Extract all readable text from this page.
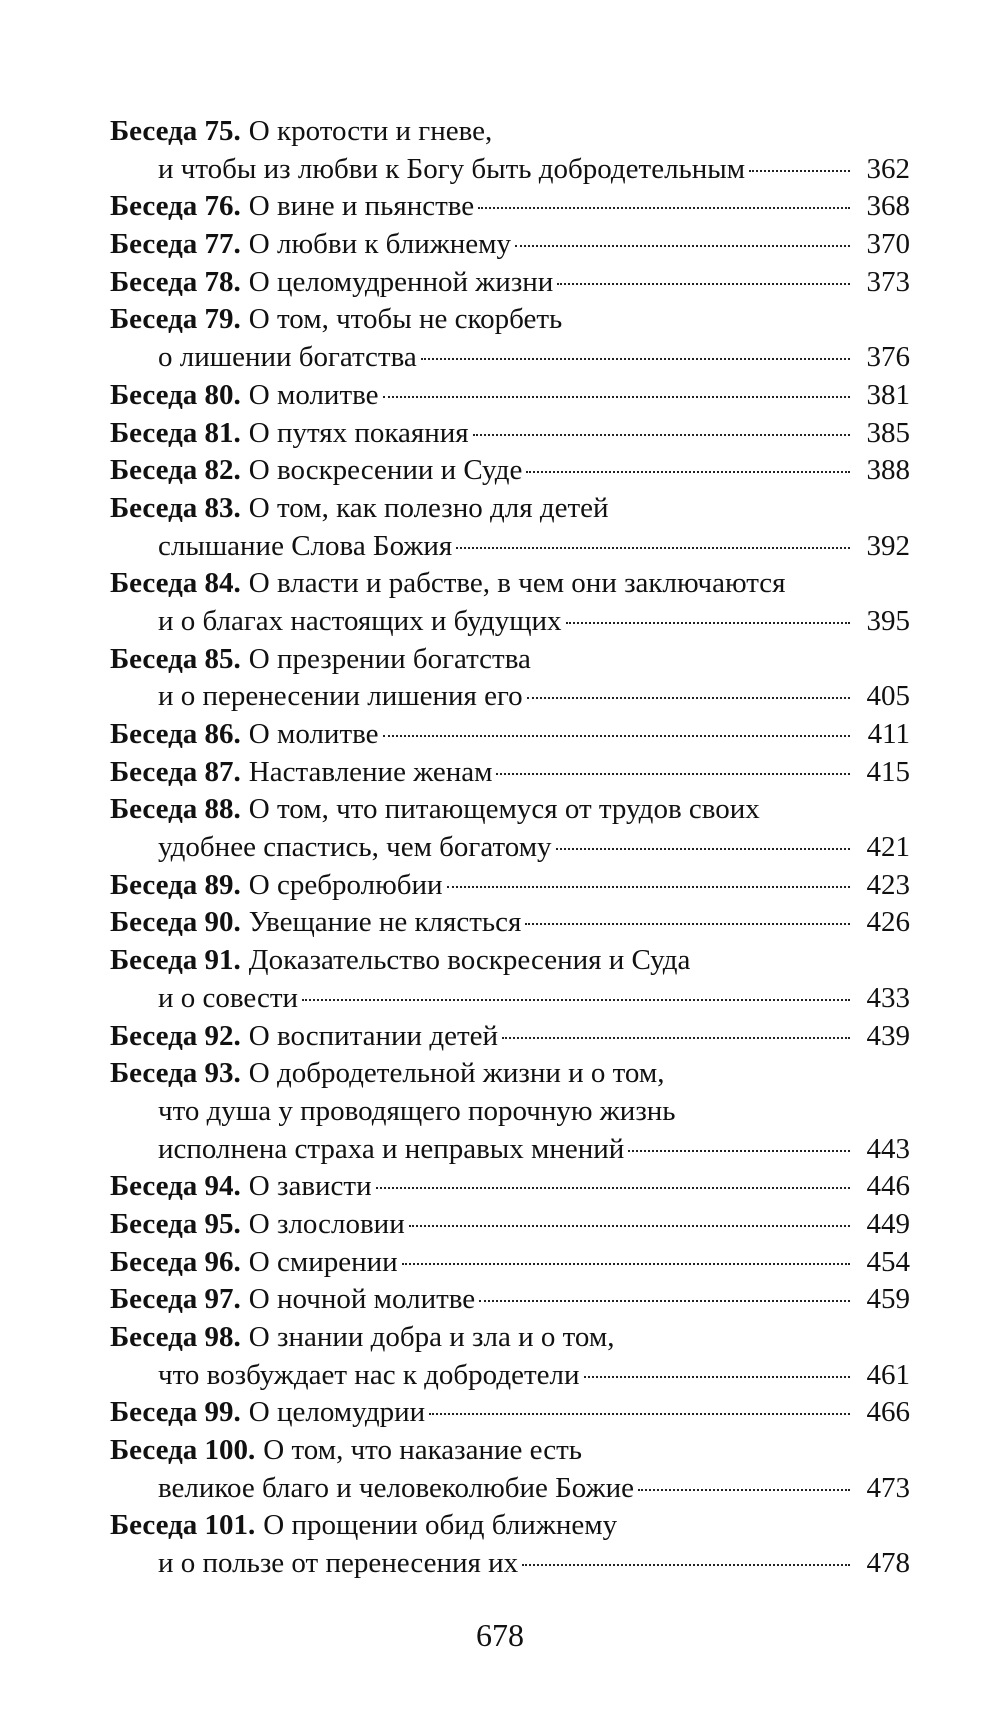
Беседа 75. О кротости и гневе,
и чтобы из любви к Богу быть добродетельным	362
Беседа 76. О вине и пьянстве	368
Беседа 77. О любви к ближнему	370
Беседа 78. О целомудренной жизни	373
Беседа 79. О том, чтобы не скорбеть
о лишении богатства	376
Беседа 80. О молитве	381
Беседа 81. О путях покаяния	385
Беседа 82. О воскресении и Суде	388
Беседа 83. О том, как полезно для детей
слышание Слова Божия	392
Беседа 84. О власти и рабстве, в чем они заключаются
и о благах настоящих и будущих	395
Беседа 85. О презрении богатства
и о перенесении лишения его	405
Беседа 86. О молитве	411
Беседа 87. Наставление женам	415
Беседа 88. О том, что питающемуся от трудов своих
удобнее спастись, чем богатому	421
Беседа 89. О сребролюбии	423
Беседа 90. Увещание не клясться	426
Беседа 91. Доказательство воскресения и Суда
и о совести	433
Беседа 92. О воспитании детей	439
Беседа 93. О добродетельной жизни и о том,
что душа у проводящего порочную жизнь
исполнена страха и неправых мнений	443
Беседа 94. О зависти	446
Беседа 95. О злословии	449
Беседа 96. О смирении	454
Беседа 97. О ночной молитве	459
Беседа 98. О знании добра и зла и о том,
что возбуждает нас к добродетели	461
Беседа 99. О целомудрии	466
Беседа 100. О том, что наказание есть
великое благо и человеколюбие Божие	473
Беседа 101. О прощении обид ближнему
и о пользе от перенесения их	478
678
